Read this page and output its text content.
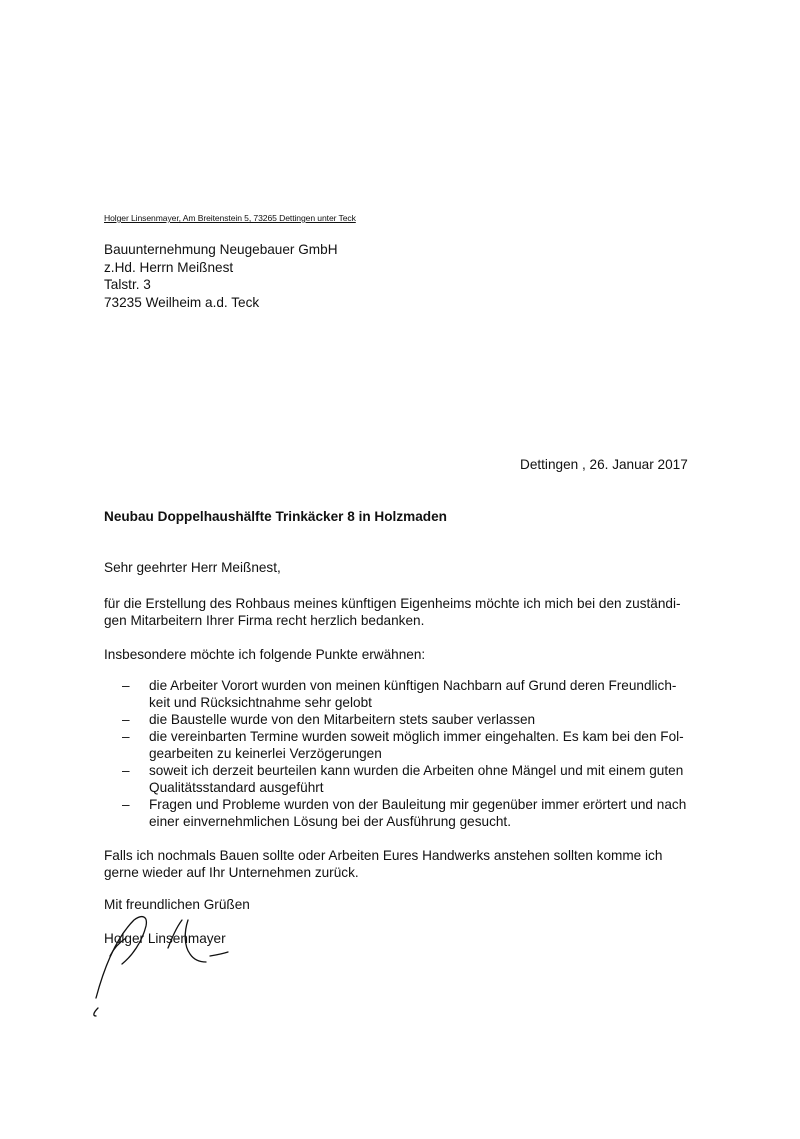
Holger Linsenmayer, Am Breitenstein 5, 73265 Dettingen unter Teck
Bauunternehmung Neugebauer GmbH
z.Hd. Herrn Meißnest
Talstr. 3
73235 Weilheim a.d. Teck
Dettingen , 26. Januar 2017
Neubau Doppelhaushälfte Trinkäcker 8 in Holzmaden
Sehr geehrter Herr Meißnest,
für die Erstellung des Rohbaus meines künftigen Eigenheims möchte ich mich bei den zuständi-
gen Mitarbeitern Ihrer Firma recht herzlich bedanken.
Insbesondere möchte ich folgende Punkte erwähnen:
– die Arbeiter Vorort wurden von meinen künftigen Nachbarn auf Grund deren Freundlich-
keit und Rücksichtnahme sehr gelobt
– die Baustelle wurde von den Mitarbeitern stets sauber verlassen
– die vereinbarten Termine wurden soweit möglich immer eingehalten. Es kam bei den Fol-
gearbeiten zu keinerlei Verzögerungen
– soweit ich derzeit beurteilen kann wurden die Arbeiten ohne Mängel und mit einem guten
Qualitätsstandard ausgeführt
– Fragen und Probleme wurden von der Bauleitung mir gegenüber immer erörtert und nach
einer einvernehmlichen Lösung bei der Ausführung gesucht.
Falls ich nochmals Bauen sollte oder Arbeiten Eures Handwerks anstehen sollten komme ich
gerne wieder auf Ihr Unternehmen zurück.
Mit freundlichen Grüßen
Holger Linsenmayer
